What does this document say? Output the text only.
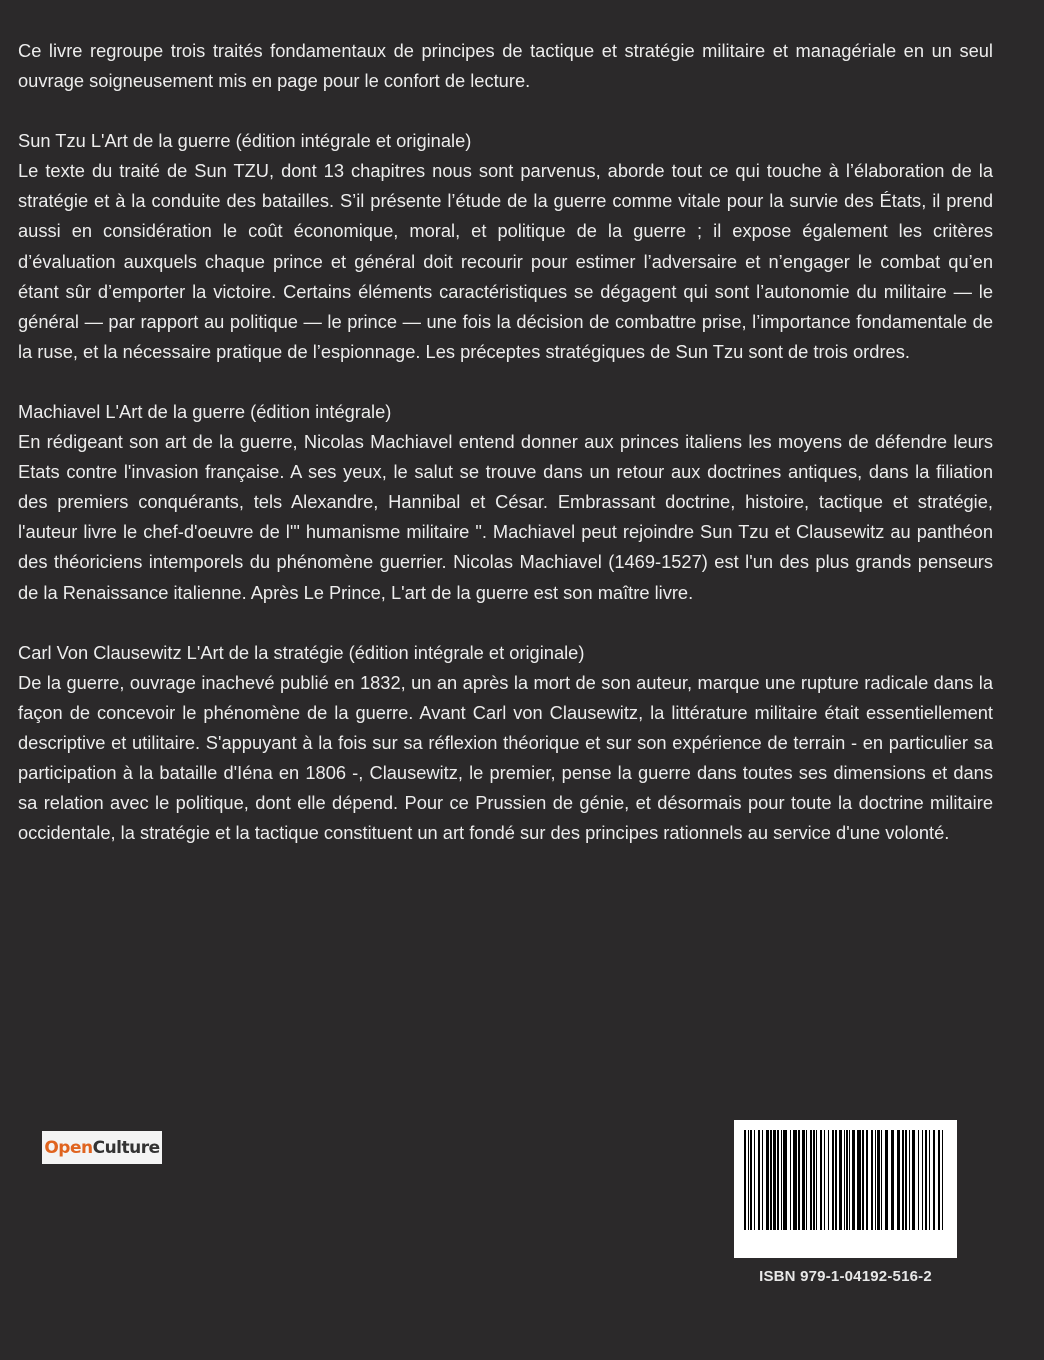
Ce livre regroupe trois traités fondamentaux de principes de tactique et stratégie militaire et managériale en un seul ouvrage soigneusement mis en page pour le confort de lecture.

Sun Tzu L'Art de la guerre (édition intégrale et originale)

Le texte du traité de Sun TZU, dont 13 chapitres nous sont parvenus, aborde tout ce qui touche à l’élaboration de la stratégie et à la conduite des batailles. S’il présente l’étude de la guerre comme vitale pour la survie des États, il prend aussi en considération le coût économique, moral, et politique de la guerre ; il expose également les critères d’évaluation auxquels chaque prince et général doit recourir pour estimer l’adversaire et n’engager le combat qu’en étant sûr d’emporter la victoire. Certains éléments caractéristiques se dégagent qui sont l’autonomie du militaire — le général — par rapport au politique — le prince — une fois la décision de combattre prise, l’importance fondamentale de la ruse, et la nécessaire pratique de l’espionnage. Les préceptes stratégiques de Sun Tzu sont de trois ordres.

Machiavel L'Art de la guerre (édition intégrale)

En rédigeant son art de la guerre, Nicolas Machiavel entend donner aux princes italiens les moyens de défendre leurs Etats contre l'invasion française. A ses yeux, le salut se trouve dans un retour aux doctrines antiques, dans la filiation des premiers conquérants, tels Alexandre, Hannibal et César. Embrassant doctrine, histoire, tactique et stratégie, l'auteur livre le chef-d'oeuvre de l'" humanisme militaire ". Machiavel peut rejoindre Sun Tzu et Clausewitz au panthéon des théoriciens intemporels du phénomène guerrier. Nicolas Machiavel (1469-1527) est l'un des plus grands penseurs de la Renaissance italienne. Après Le Prince, L'art de la guerre est son maître livre.

Carl Von Clausewitz L'Art de la stratégie (édition intégrale et originale)

De la guerre, ouvrage inachevé publié en 1832, un an après la mort de son auteur, marque une rupture radicale dans la façon de concevoir le phénomène de la guerre. Avant Carl von Clausewitz, la littérature militaire était essentiellement descriptive et utilitaire. S'appuyant à la fois sur sa réflexion théorique et sur son expérience de terrain - en particulier sa participation à la bataille d'Iéna en 1806 -, Clausewitz, le premier, pense la guerre dans toutes ses dimensions et dans sa relation avec le politique, dont elle dépend. Pour ce Prussien de génie, et désormais pour toute la doctrine militaire occidentale, la stratégie et la tactique constituent un art fondé sur des principes rationnels au service d'une volonté.

Open Culture
ISBN 979-1-04192-516-2
